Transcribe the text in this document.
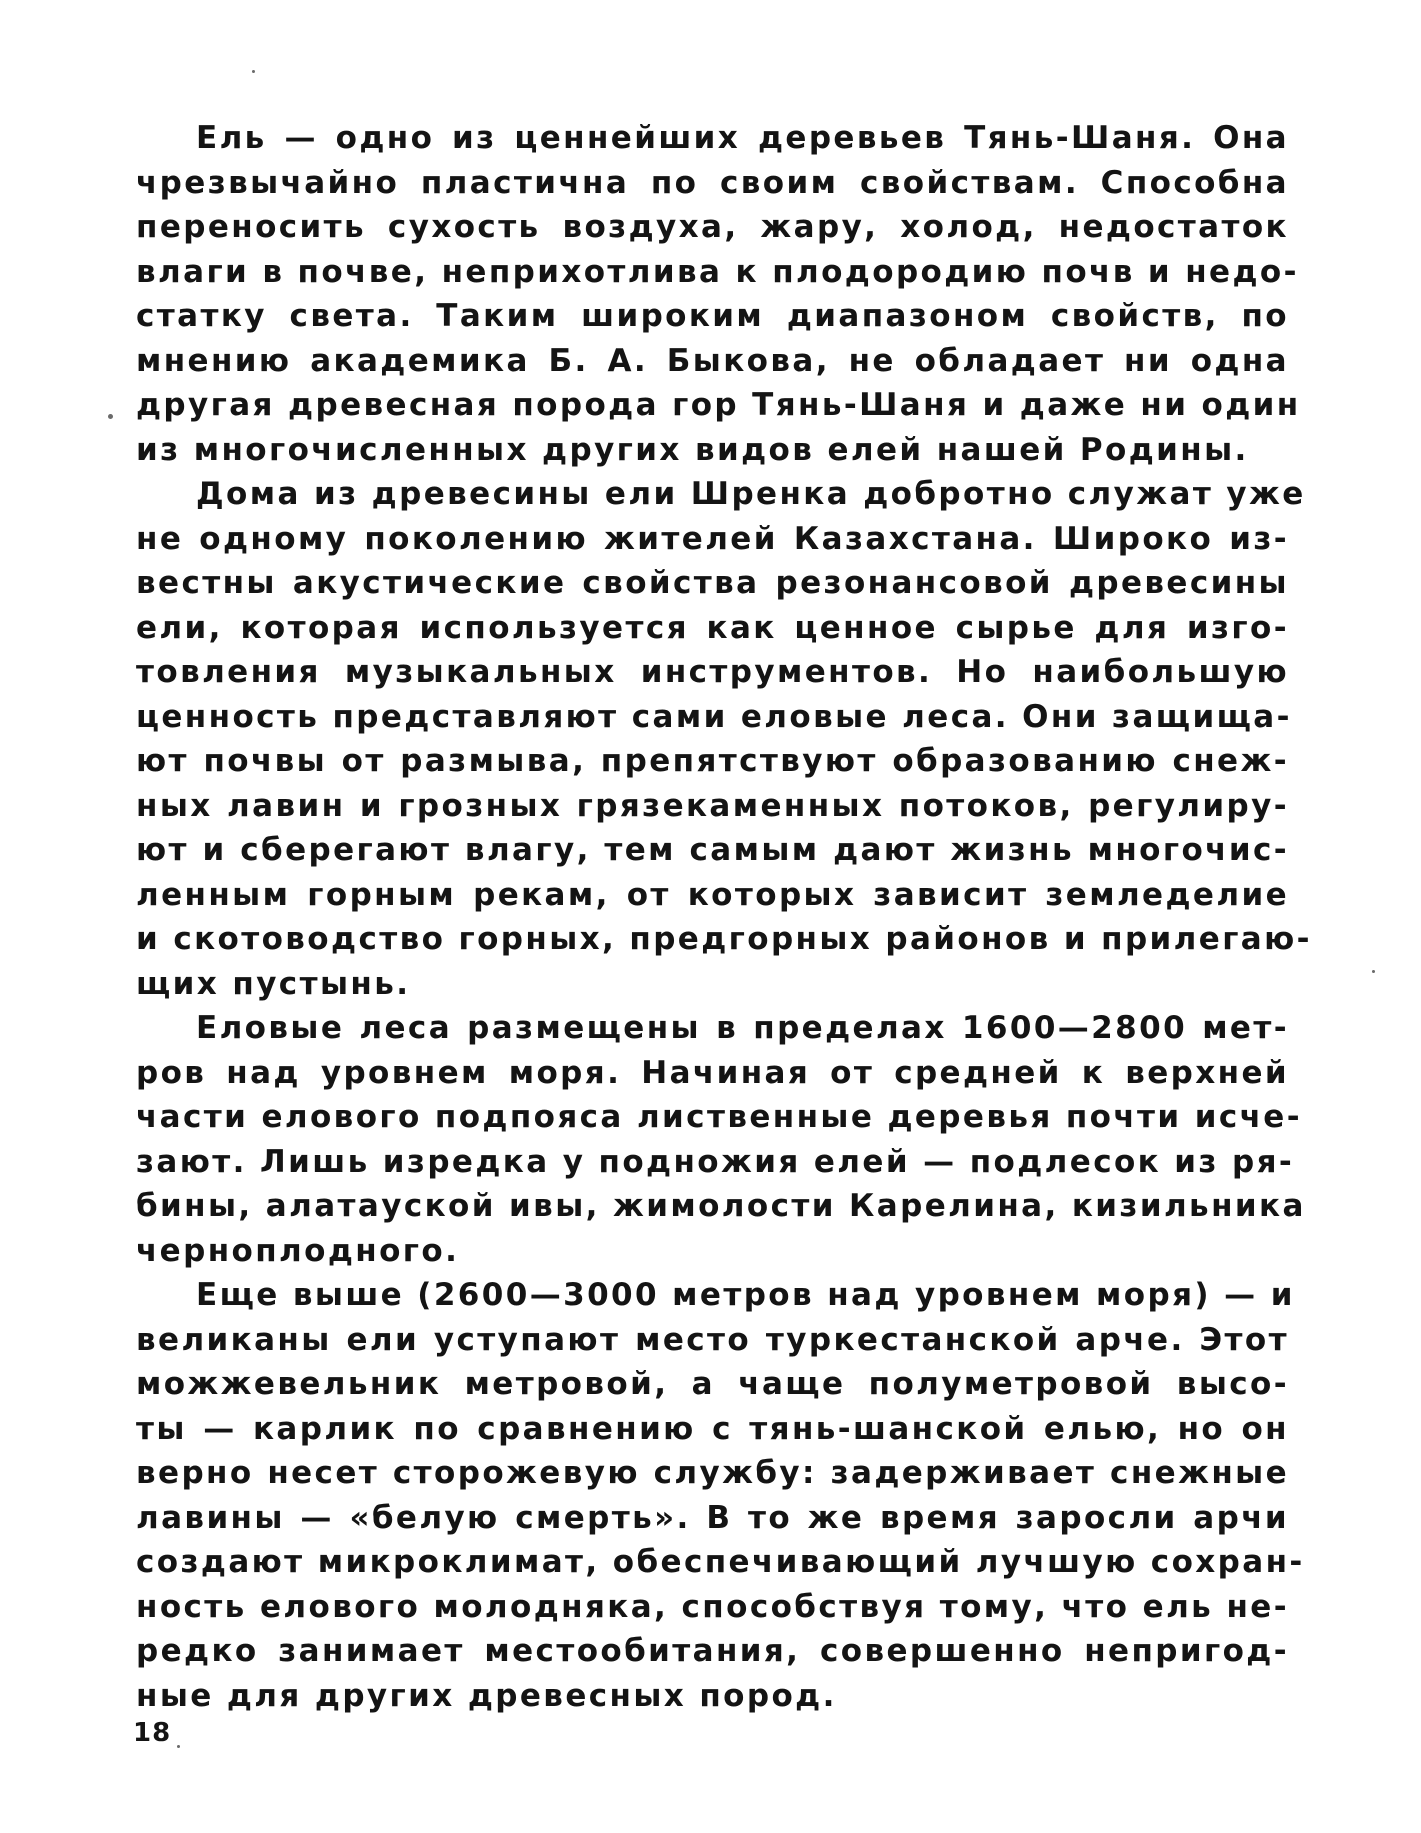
Ель — одно из ценнейших деревьев Тянь-Шаня. Она
чрезвычайно пластична по своим свойствам. Способна
переносить сухость воздуха, жару, холод, недостаток
влаги в почве, неприхотлива к плодородию почв и недо-
статку света. Таким широким диапазоном свойств, по
мнению академика Б. А. Быкова, не обладает ни одна
другая древесная порода гор Тянь-Шаня и даже ни один
из многочисленных других видов елей нашей Родины.

Дома из древесины ели Шренка добротно служат уже
не одному поколению жителей Казахстана. Широко из-
вестны акустические свойства резонансовой древесины
ели, которая используется как ценное сырье для изго-
товления музыкальных инструментов. Но наибольшую
ценность представляют сами еловые леса. Они защища-
ют почвы от размыва, препятствуют образованию снеж-
ных лавин и грозных грязекаменных потоков, регулиру-
ют и сберегают влагу, тем самым дают жизнь многочис-
ленным горным рекам, от которых зависит земледелие
и скотоводство горных, предгорных районов и прилегаю-
щих пустынь.

Еловые леса размещены в пределах 1600—2800 мет-
ров над уровнем моря. Начиная от средней к верхней
части елового подпояса лиственные деревья почти исче-
зают. Лишь изредка у подножия елей — подлесок из ря-
бины, алатауской ивы, жимолости Карелина, кизильника
черноплодного.

Еще выше (2600—3000 метров над уровнем моря) — и
великаны ели уступают место туркестанской арче. Этот
можжевельник метровой, а чаще полуметровой высо-
ты — карлик по сравнению с тянь-шанской елью, но он
верно несет сторожевую службу: задерживает снежные
лавины — «белую смерть». В то же время заросли арчи
создают микроклимат, обеспечивающий лучшую сохран-
ность елового молодняка, способствуя тому, что ель не-
редко занимает местообитания, совершенно непригод-
ные для других древесных пород.

18
